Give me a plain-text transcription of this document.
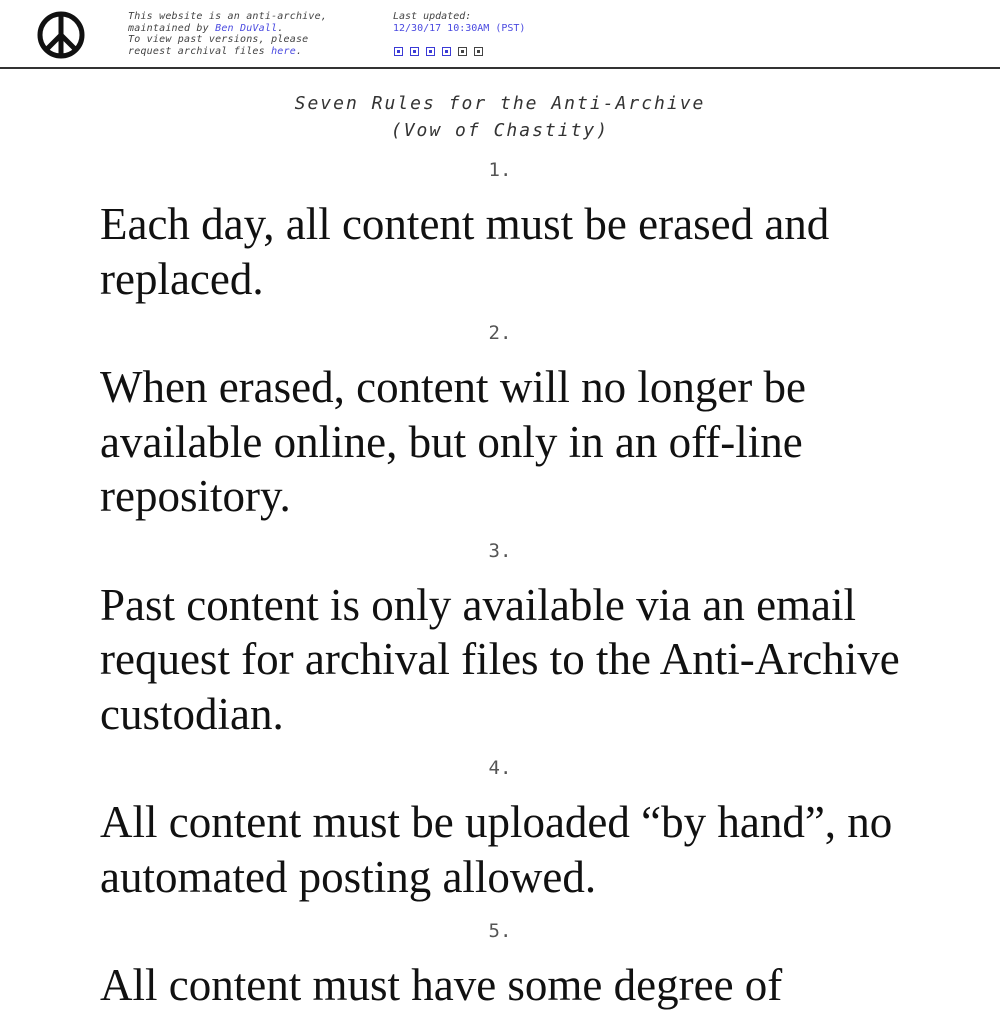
This website is an anti-archive,
maintained by Ben DuVall.
To view past versions, please
request archival files here.
Last updated:
12/30/17 10:30AM (PST)
Seven Rules for the Anti-Archive
(Vow of Chastity)
1.
Each day, all content must be erased and replaced.
2.
When erased, content will no longer be available online, but only in an off-line repository.
3.
Past content is only available via an email request for archival files to the Anti-Archive custodian.
4.
All content must be uploaded “by hand”, no automated posting allowed.
5.
All content must have some degree of
